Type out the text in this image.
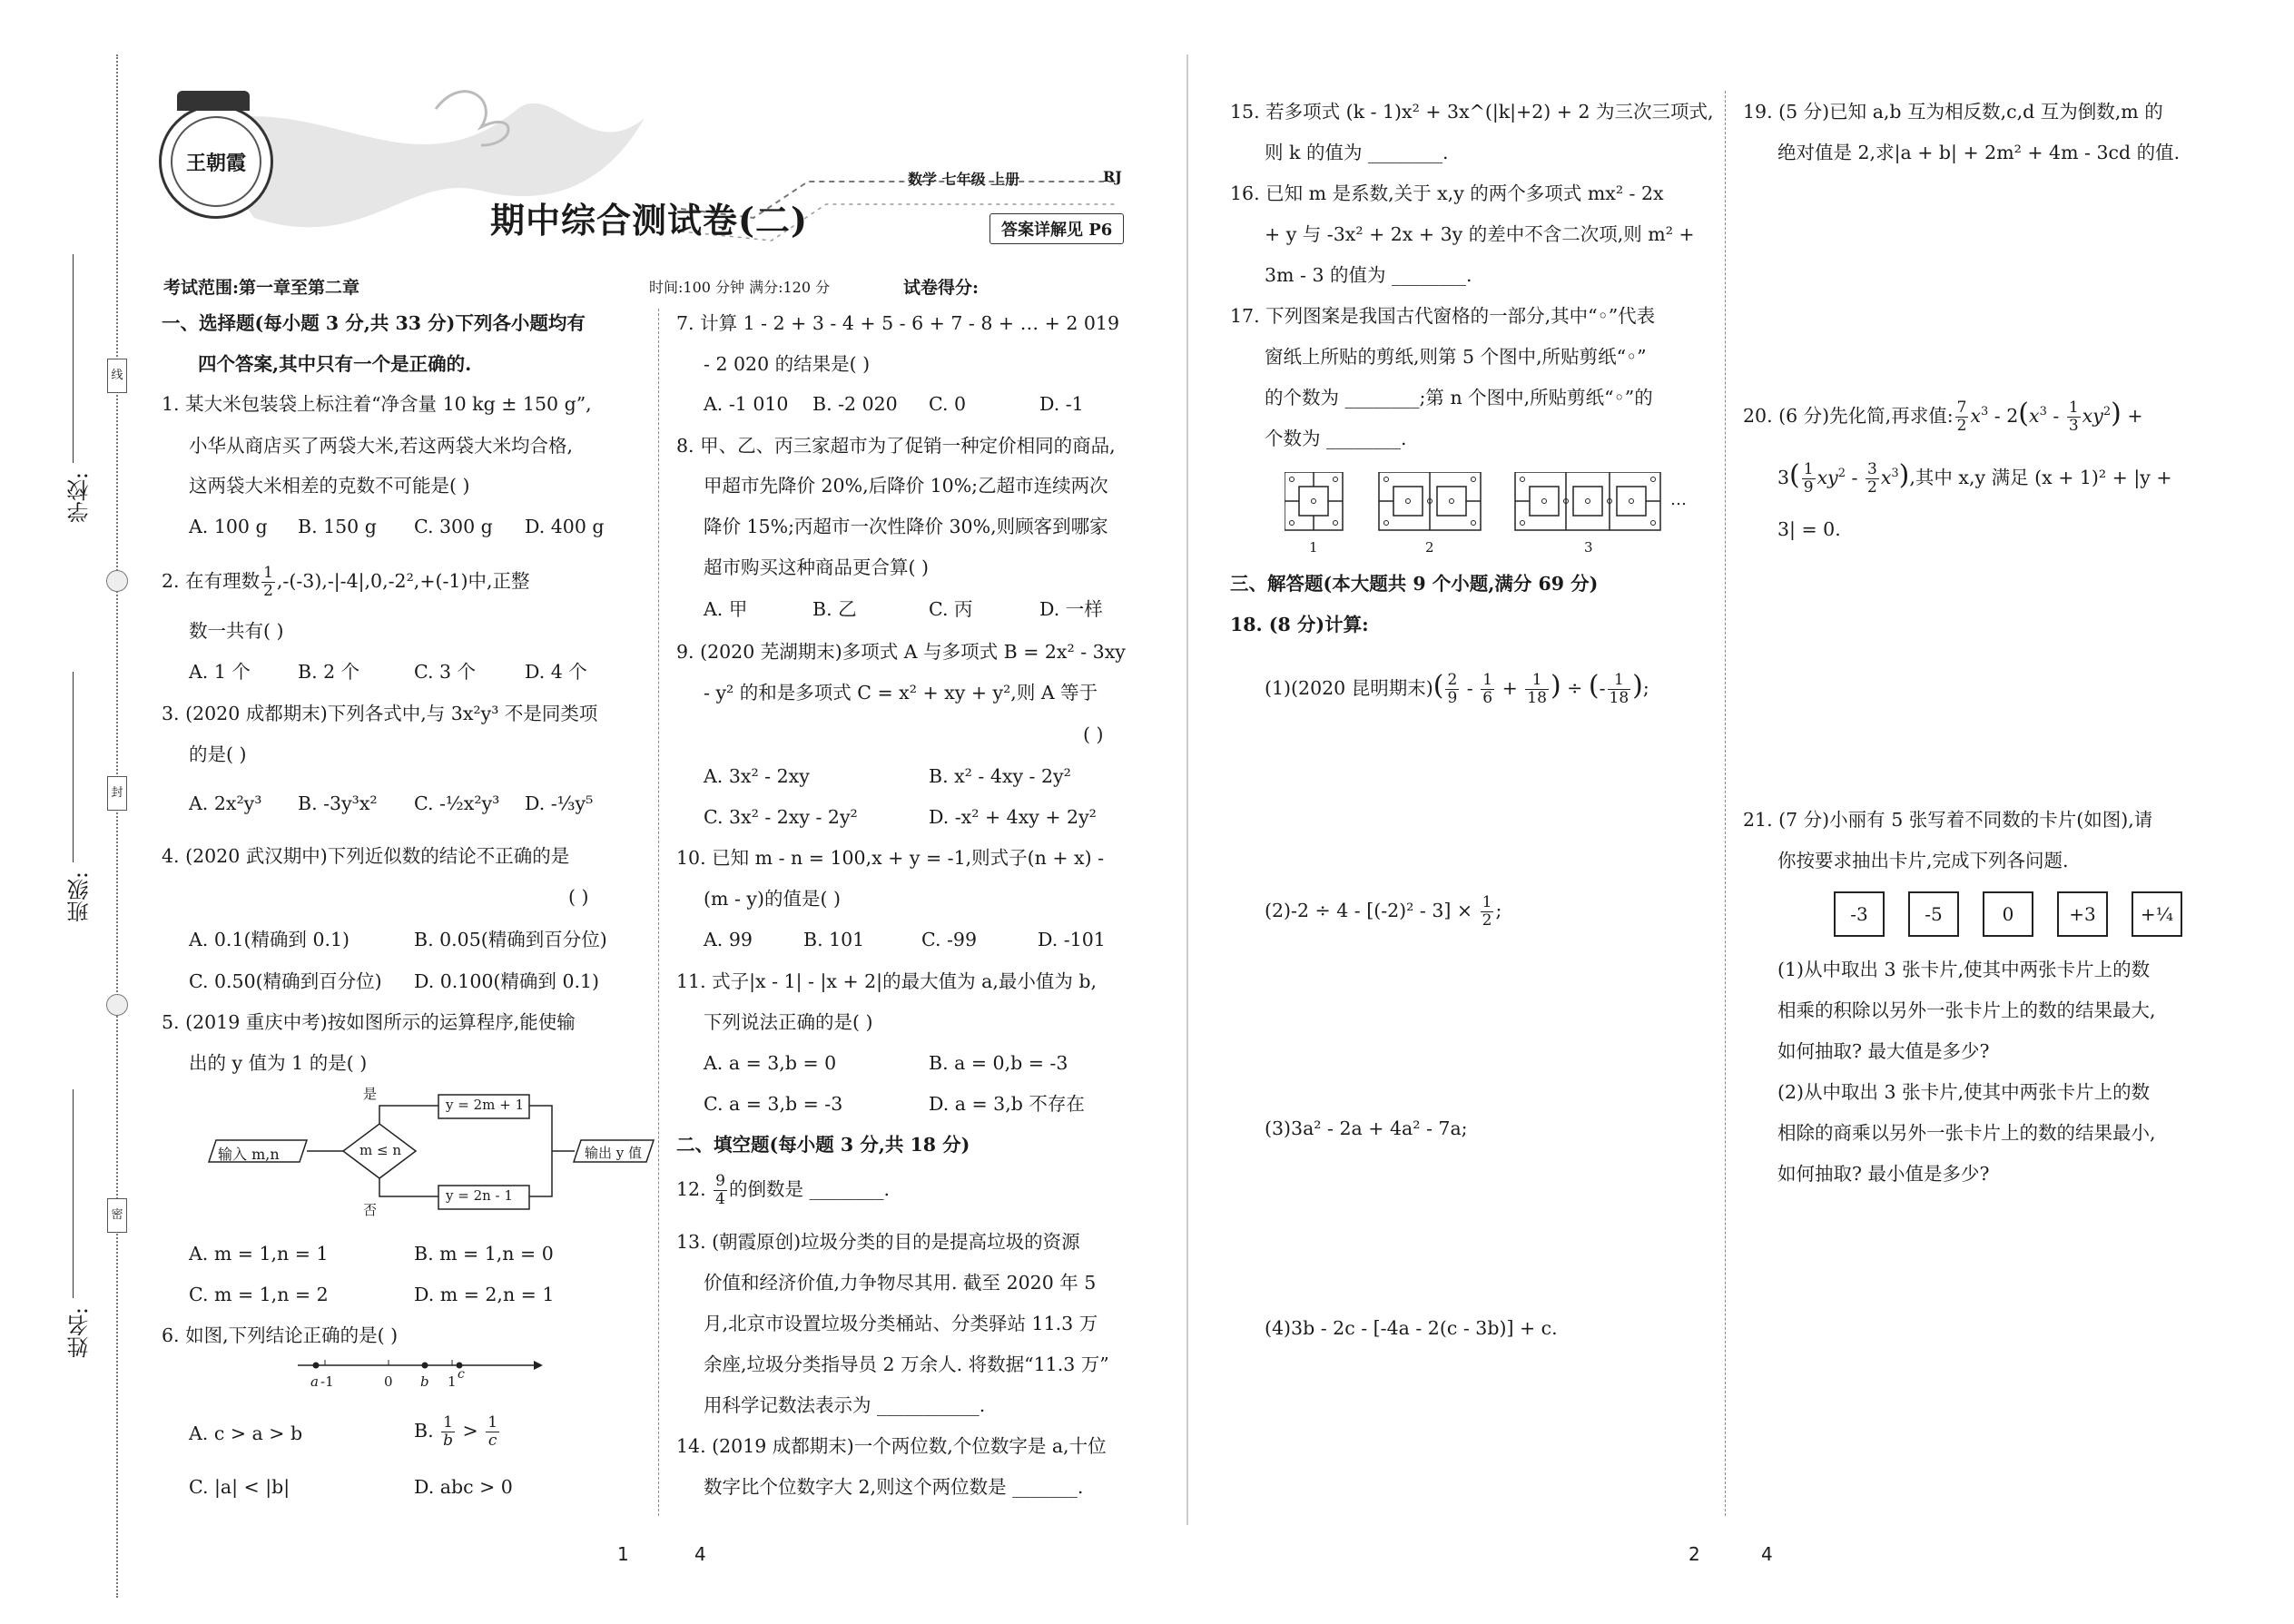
学校:
班级:
姓名:
线
封
密
王朝霞
期中综合测试卷(二)
数学 七年级 上册	RJ
答案详解见 P6
考试范围:第一章至第二章	时间:100 分钟 满分:120 分	试卷得分:
一、选择题(每小题 3 分,共 33 分)下列各小题均有
四个答案,其中只有一个是正确的.
1. 某大米包装袋上标注着“净含量 10 kg ± 150 g”,
小华从商店买了两袋大米,若这两袋大米均合格,
这两袋大米相差的克数不可能是( )
A. 100 g B. 150 g C. 300 g D. 400 g
2. 在有理数 $\frac{1}{2} ,-(-3),-|-4|,0,-2^2,+(-1)$中,正整
数一共有( )
A. 1 个	B. 2 个	C. 3 个	D. 4 个
3. (2020 成都期末)下列各式中,与 3x²y³ 不是同类项
的是( )
A. 2x²y³ B. -3y³x² C. -½x²y³ D. -⅓y⁵
4. (2020 武汉期中)下列近似数的结论不正确的是
( )
A. 0.1(精确到 0.1)	B. 0.05(精确到百分位)
C. 0.50(精确到百分位) D. 0.100(精确到 0.1)
5. (2019 重庆中考)按如图所示的运算程序,能使输
出的 y 值为 1 的是( )
输入 m,n	m ≤ n
是
否
y = 2m + 1
y = 2n - 1
输出 y 值
A. m = 1,n = 1	B. m = 1,n = 0
C. m = 1,n = 2	D. m = 2,n = 1
6. 如图,下列结论正确的是( )
a -1	0 b 1 c
A. c > a > b	B. $\frac{1}{b} > \frac{1}{c}$
C. |a| < |b|	D. abc > 0
7. 计算 1 - 2 + 3 - 4 + 5 - 6 + 7 - 8 + … + 2 019
- 2 020 的结果是( )
A. -1 010 B. -2 020 C. 0	D. -1
8. 甲、乙、丙三家超市为了促销一种定价相同的商品,
甲超市先降价 20%,后降价 10%;乙超市连续两次
降价 15%;丙超市一次性降价 30%,则顾客到哪家
超市购买这种商品更合算( )
A. 甲	B. 乙	C. 丙	D. 一样
9. (2020 芜湖期末)多项式 A 与多项式 B = 2x² - 3xy
- y² 的和是多项式 C = x² + xy + y²,则 A 等于
( )
A. 3x² - 2xy	B. x² - 4xy - 2y²
C. 3x² - 2xy - 2y²	D. -x² + 4xy + 2y²
10. 已知 m - n = 100,x + y = -1,则式子(n + x) -
(m - y)的值是( )
A. 99	B. 101	C. -99	D. -101
11. 式子|x - 1| - |x + 2|的最大值为 a,最小值为 b,
下列说法正确的是( )
A. a = 3,b = 0	B. a = 0,b = -3
C. a = 3,b = -3	D. a = 3,b 不存在
二、填空题(每小题 3 分,共 18 分)
12. $\frac{9}{4}$ 的倒数是 ________.
13. (朝霞原创)垃圾分类的目的是提高垃圾的资源
价值和经济价值,力争物尽其用. 截至 2020 年 5
月,北京市设置垃圾分类桶站、分类驿站 11.3 万
余座,垃圾分类指导员 2 万余人. 将数据“11.3 万”
用科学记数法表示为 ___________.
14. (2019 成都期末)一个两位数,个位数字是 a,十位
数字比个位数字大 2,则这个两位数是 _______.
15. 若多项式 (k - 1)x² + 3x^(|k|+2) + 2 为三次三项式,
则 k 的值为 ________.
16. 已知 m 是系数,关于 x,y 的两个多项式 mx² - 2x
+ y 与 -3x² + 2x + 3y 的差中不含二次项,则 m² +
3m - 3 的值为 ________.
17. 下列图案是我国古代窗格的一部分,其中“◦”代表
窗纸上所贴的剪纸,则第 5 个图中,所贴剪纸“◦”
的个数为 ________;第 n 个图中,所贴剪纸“◦”的
个数为 ________.
1	2	3
…
三、解答题(本大题共 9 个小题,满分 69 分)
18. (8 分)计算:
(1)(2020 昆明期末)( $\frac{2}{9} - \frac{1}{6} + \frac{1}{18}$ ) ÷ (- $\frac{1}{18}$ );
$(2)-2 \div 4 - [(-2)^2 - 3] \times \frac{1}{2}$ ;
(3)3a² - 2a + 4a² - 7a;
(4)3b - 2c - [-4a - 2(c - 3b)] + c.
19. (5 分)已知 a,b 互为相反数,c,d 互为倒数,m 的
绝对值是 2,求|a + b| + 2m² + 4m - 3cd 的值.
20. (6 分)先化简,再求值: $\frac{7}{2} x^3 - 2(x^3 - \frac{1}{3} xy^2)$ +
$3( \frac{1}{9} xy^2 - \frac{3}{2} x^3)$,其中 x,y 满足 (x + 1)² + |y +
3| = 0.
21. (7 分)小丽有 5 张写着不同数的卡片(如图),请
你按要求抽出卡片,完成下列各问题.
-3	-5	0	+3	+¼
(1)从中取出 3 张卡片,使其中两张卡片上的数
相乘的积除以另外一张卡片上的数的结果最大,
如何抽取? 最大值是多少?
(2)从中取出 3 张卡片,使其中两张卡片上的数
相除的商乘以另外一张卡片上的数的结果最小,
如何抽取? 最小值是多少?
1	4	2	4
